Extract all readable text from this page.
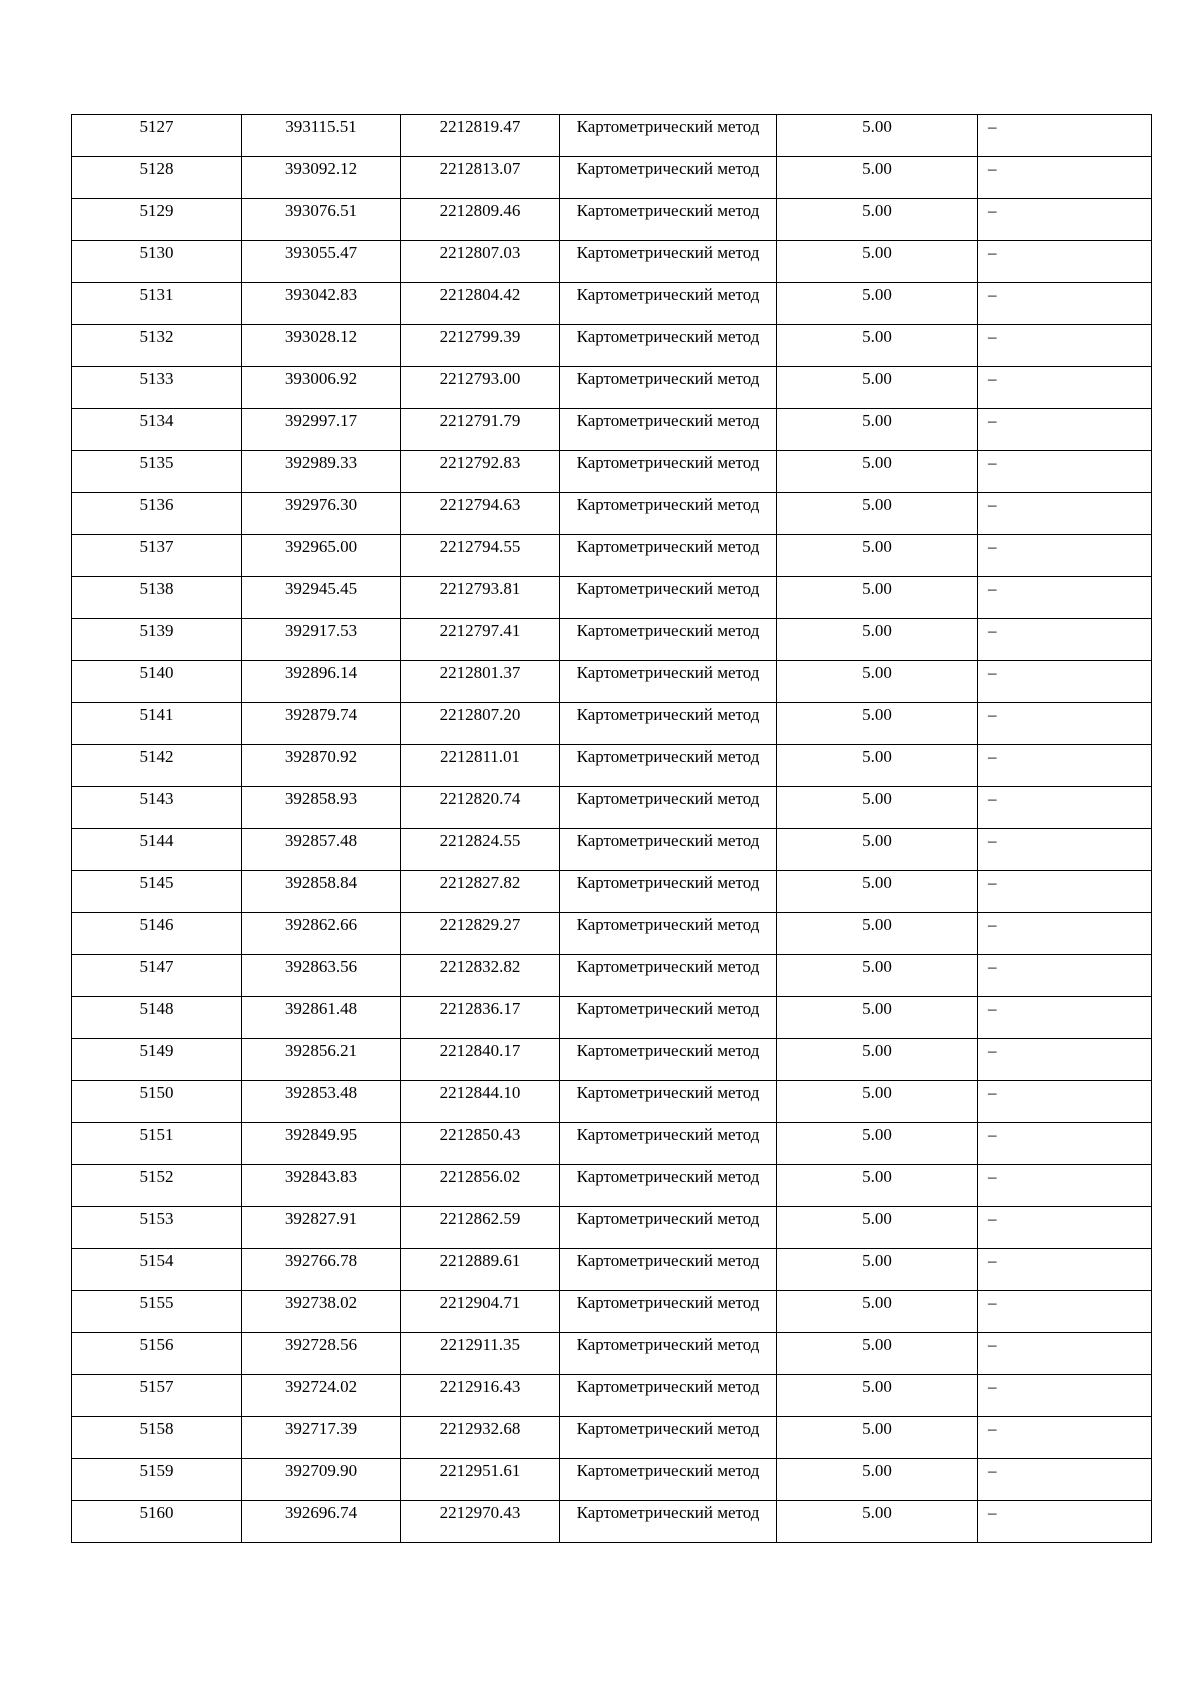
5127	393115.51	2212819.47	Картометрический метод	5.00	–
5128	393092.12	2212813.07	Картометрический метод	5.00	–
5129	393076.51	2212809.46	Картометрический метод	5.00	–
5130	393055.47	2212807.03	Картометрический метод	5.00	–
5131	393042.83	2212804.42	Картометрический метод	5.00	–
5132	393028.12	2212799.39	Картометрический метод	5.00	–
5133	393006.92	2212793.00	Картометрический метод	5.00	–
5134	392997.17	2212791.79	Картометрический метод	5.00	–
5135	392989.33	2212792.83	Картометрический метод	5.00	–
5136	392976.30	2212794.63	Картометрический метод	5.00	–
5137	392965.00	2212794.55	Картометрический метод	5.00	–
5138	392945.45	2212793.81	Картометрический метод	5.00	–
5139	392917.53	2212797.41	Картометрический метод	5.00	–
5140	392896.14	2212801.37	Картометрический метод	5.00	–
5141	392879.74	2212807.20	Картометрический метод	5.00	–
5142	392870.92	2212811.01	Картометрический метод	5.00	–
5143	392858.93	2212820.74	Картометрический метод	5.00	–
5144	392857.48	2212824.55	Картометрический метод	5.00	–
5145	392858.84	2212827.82	Картометрический метод	5.00	–
5146	392862.66	2212829.27	Картометрический метод	5.00	–
5147	392863.56	2212832.82	Картометрический метод	5.00	–
5148	392861.48	2212836.17	Картометрический метод	5.00	–
5149	392856.21	2212840.17	Картометрический метод	5.00	–
5150	392853.48	2212844.10	Картометрический метод	5.00	–
5151	392849.95	2212850.43	Картометрический метод	5.00	–
5152	392843.83	2212856.02	Картометрический метод	5.00	–
5153	392827.91	2212862.59	Картометрический метод	5.00	–
5154	392766.78	2212889.61	Картометрический метод	5.00	–
5155	392738.02	2212904.71	Картометрический метод	5.00	–
5156	392728.56	2212911.35	Картометрический метод	5.00	–
5157	392724.02	2212916.43	Картометрический метод	5.00	–
5158	392717.39	2212932.68	Картометрический метод	5.00	–
5159	392709.90	2212951.61	Картометрический метод	5.00	–
5160	392696.74	2212970.43	Картометрический метод	5.00	–
